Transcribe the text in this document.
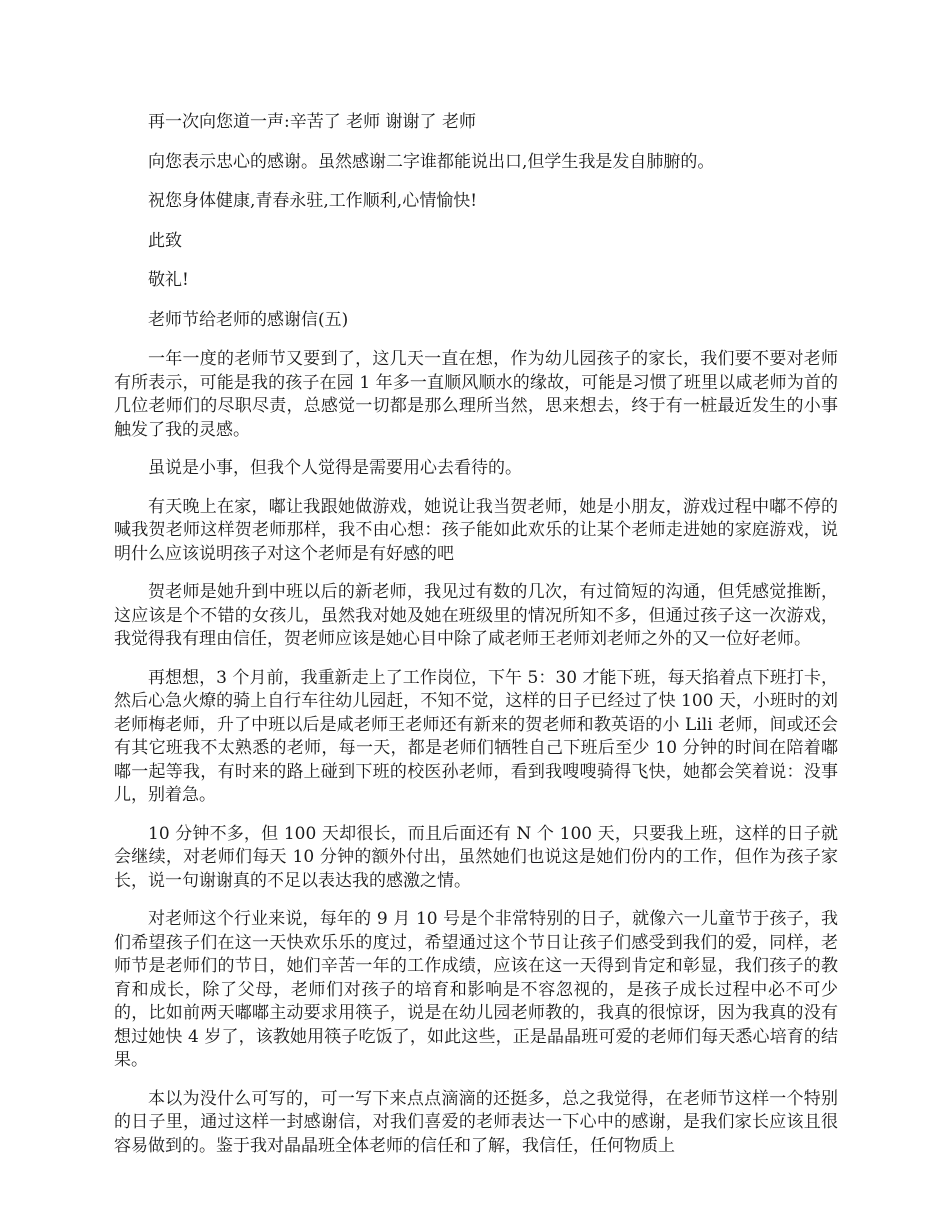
再一次向您道一声:辛苦了 老师 谢谢了 老师

向您表示忠心的感谢。虽然感谢二字谁都能说出口,但学生我是发自肺腑的。

祝您身体健康,青春永驻,工作顺利,心情愉快!

此致

敬礼!

老师节给老师的感谢信(五)

一年一度的老师节又要到了，这几天一直在想，作为幼儿园孩子的家长，我们要不要对老师有所表示，可能是我的孩子在园 1 年多一直顺风顺水的缘故，可能是习惯了班里以咸老师为首的几位老师们的尽职尽责，总感觉一切都是那么理所当然，思来想去，终于有一桩最近发生的小事触发了我的灵感。

虽说是小事，但我个人觉得是需要用心去看待的。

有天晚上在家，嘟让我跟她做游戏，她说让我当贺老师，她是小朋友，游戏过程中嘟不停的喊我贺老师这样贺老师那样，我不由心想：孩子能如此欢乐的让某个老师走进她的家庭游戏，说明什么应该说明孩子对这个老师是有好感的吧

贺老师是她升到中班以后的新老师，我见过有数的几次，有过简短的沟通，但凭感觉推断，这应该是个不错的女孩儿，虽然我对她及她在班级里的情况所知不多，但通过孩子这一次游戏，我觉得我有理由信任，贺老师应该是她心目中除了咸老师王老师刘老师之外的又一位好老师。

再想想，3 个月前，我重新走上了工作岗位，下午 5：30 才能下班，每天掐着点下班打卡，然后心急火燎的骑上自行车往幼儿园赶，不知不觉，这样的日子已经过了快 100 天，小班时的刘老师梅老师，升了中班以后是咸老师王老师还有新来的贺老师和教英语的小 Lili 老师，间或还会有其它班我不太熟悉的老师，每一天，都是老师们牺牲自己下班后至少 10 分钟的时间在陪着嘟嘟一起等我，有时来的路上碰到下班的校医孙老师，看到我嗖嗖骑得飞快，她都会笑着说：没事儿，别着急。

10 分钟不多，但 100 天却很长，而且后面还有 N 个 100 天，只要我上班，这样的日子就会继续，对老师们每天 10 分钟的额外付出，虽然她们也说这是她们份内的工作，但作为孩子家长，说一句谢谢真的不足以表达我的感激之情。

对老师这个行业来说，每年的 9 月 10 号是个非常特别的日子，就像六一儿童节于孩子，我们希望孩子们在这一天快欢乐乐的度过，希望通过这个节日让孩子们感受到我们的爱，同样，老师节是老师们的节日，她们辛苦一年的工作成绩，应该在这一天得到肯定和彰显，我们孩子的教育和成长，除了父母，老师们对孩子的培育和影响是不容忽视的，是孩子成长过程中必不可少的，比如前两天嘟嘟主动要求用筷子，说是在幼儿园老师教的，我真的很惊讶，因为我真的没有想过她快 4 岁了，该教她用筷子吃饭了，如此这些，正是晶晶班可爱的老师们每天悉心培育的结果。

本以为没什么可写的，可一写下来点点滴滴的还挺多，总之我觉得，在老师节这样一个特别的日子里，通过这样一封感谢信，对我们喜爱的老师表达一下心中的感谢，是我们家长应该且很容易做到的。鉴于我对晶晶班全体老师的信任和了解，我信任，任何物质上
